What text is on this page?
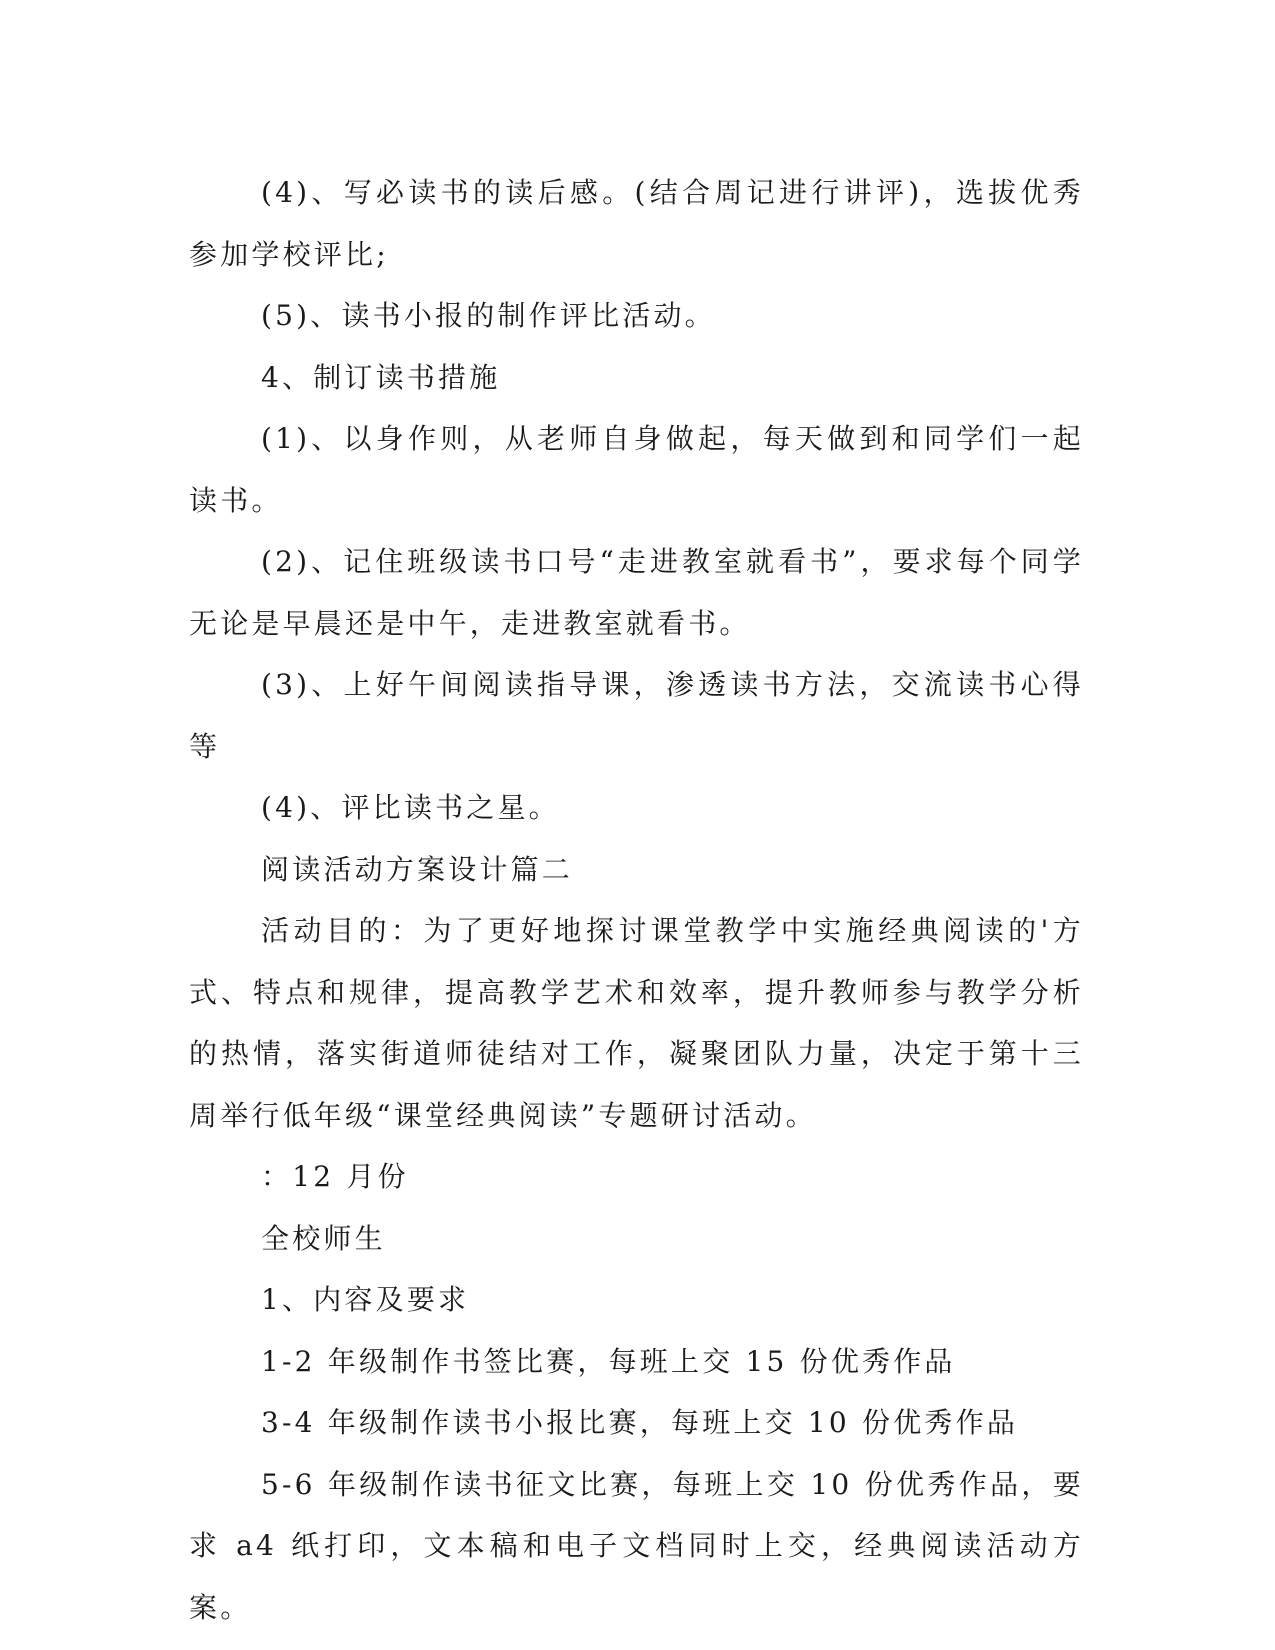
(4)、写必读书的读后感。(结合周记进行讲评)，选拔优秀参加学校评比;

(5)、读书小报的制作评比活动。

4、制订读书措施

(1)、以身作则，从老师自身做起，每天做到和同学们一起读书。

(2)、记住班级读书口号“走进教室就看书”，要求每个同学无论是早晨还是中午，走进教室就看书。

(3)、上好午间阅读指导课，渗透读书方法，交流读书心得等

(4)、评比读书之星。

阅读活动方案设计篇二

活动目的：为了更好地探讨课堂教学中实施经典阅读的'方式、特点和规律，提高教学艺术和效率，提升教师参与教学分析的热情，落实街道师徒结对工作，凝聚团队力量，决定于第十三周举行低年级“课堂经典阅读”专题研讨活动。

：12 月份

全校师生

1、内容及要求

1-2 年级制作书签比赛，每班上交 15 份优秀作品

3-4 年级制作读书小报比赛，每班上交 10 份优秀作品

5-6 年级制作读书征文比赛，每班上交 10 份优秀作品，要求 a4 纸打印，文本稿和电子文档同时上交，经典阅读活动方案。
